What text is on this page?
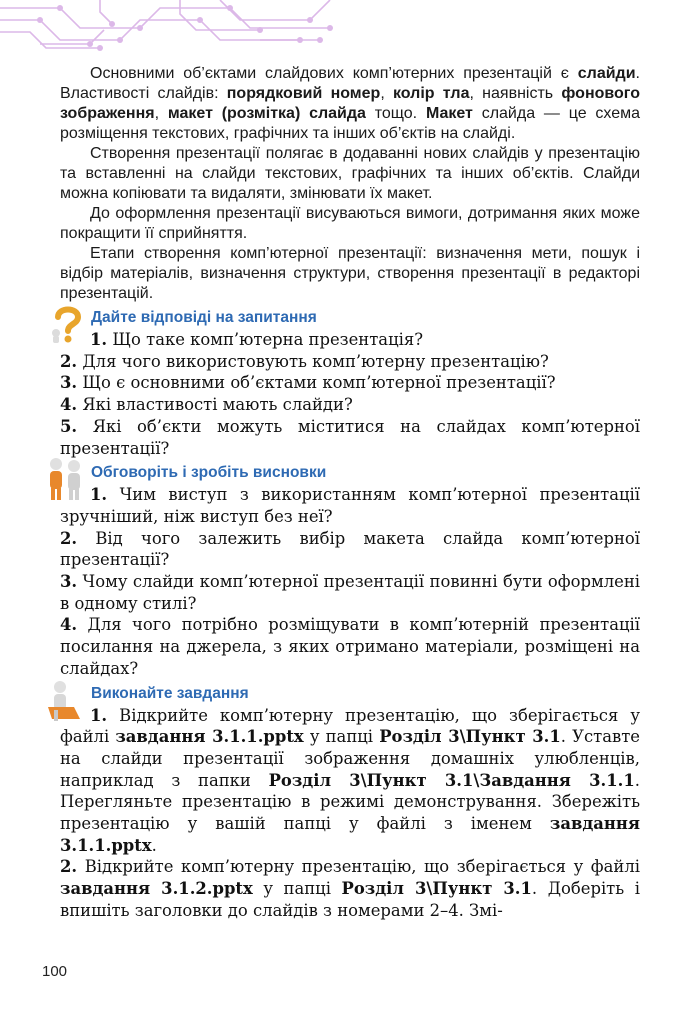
Основними об’єктами слайдових комп’ютерних презентацій є слайди. Властивості слайдів: порядковий номер, колір тла, наявність фонового зображення, макет (розмітка) слайда тощо. Макет слайда — це схема розміщення текстових, графічних та інших об’єктів на слайді.

Створення презентації полягає в додаванні нових слайдів у презентацію та вставленні на слайди текстових, графічних та інших об’єктів. Слайди можна копіювати та видаляти, змінювати їх макет.

До оформлення презентації висуваються вимоги, дотримання яких може покращити її сприйняття.

Етапи створення комп’ютерної презентації: визначення мети, пошук і відбір матеріалів, визначення структури, створення презентації в редакторі презентацій.

Дайте відповіді на запитання

1. Що таке комп’ютерна презентація?

2. Для чого використовують комп’ютерну презентацію?

3. Що є основними об’єктами комп’ютерної презентації?

4. Які властивості мають слайди?

5. Які об’єкти можуть міститися на слайдах комп’ютерної презентації?

Обговоріть і зробіть висновки

1. Чим виступ з використанням комп’ютерної презентації зручніший, ніж виступ без неї?

2. Від чого залежить вибір макета слайда комп’ютерної презентації?

3. Чому слайди комп’ютерної презентації повинні бути оформлені в одному стилі?

4. Для чого потрібно розміщувати в комп’ютерній презентації посилання на джерела, з яких отримано матеріали, розміщені на слайдах?

Виконайте завдання

1. Відкрийте комп’ютерну презентацію, що зберігається у файлі завдання 3.1.1.pptx у папці Розділ 3\Пункт 3.1. Уставте на слайди презентації зображення домашніх улюбленців, наприклад з папки Розділ 3\Пункт 3.1\Завдання 3.1.1. Перегляньте презентацію в режимі демонстрування. Збережіть презентацію у вашій папці у файлі з іменем завдання 3.1.1.pptx.

2. Відкрийте комп’ютерну презентацію, що зберігається у файлі завдання 3.1.2.pptx у папці Розділ 3\Пункт 3.1. Доберіть і впишіть заголовки до слайдів з номерами 2–4. Змі-

100
